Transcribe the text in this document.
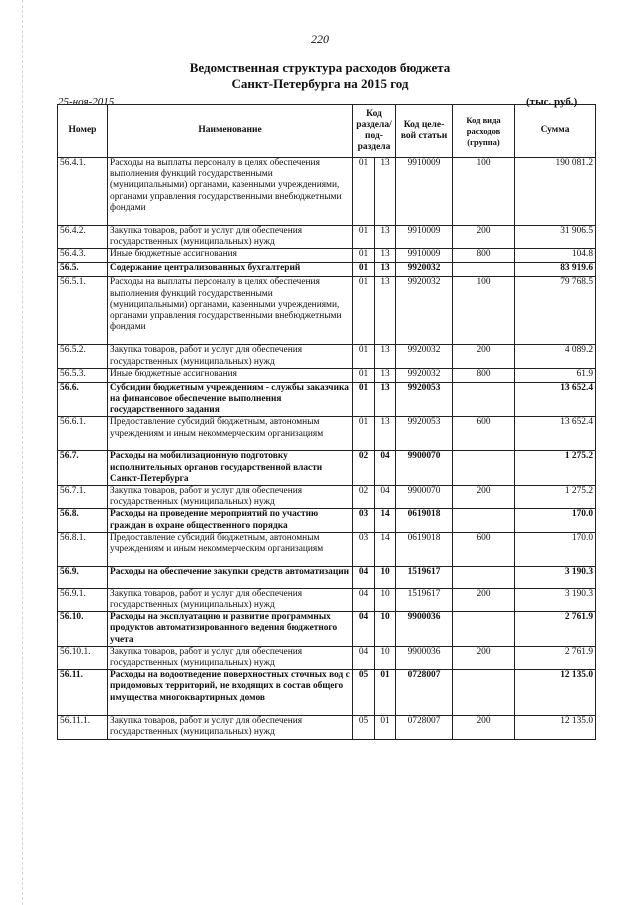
220
Ведомственная структура расходов бюджета
Санкт-Петербурга на 2015 год
25-ноя-2015	(тыс. руб.)
Номер	Наименование	Код раздела/ под-раздела		Код целе-вой статьи	Код вида расходов (группа)	Сумма
56.4.1.	Расходы на выплаты персоналу в целях обеспечения выполнения функций государственными (муниципальными) органами, казенными учреждениями, органами управления государственными внебюджетными фондами	01	13	9910009	100	190 081.2
56.4.2.	Закупка товаров, работ и услуг для обеспечения государственных (муниципальных) нужд	01	13	9910009	200	31 906.5
56.4.3.	Иные бюджетные ассигнования	01	13	9910009	800	104.8
56.5.	Содержание централизованных бухгалтерий	01	13	9920032		83 919.6
56.5.1.	Расходы на выплаты персоналу в целях обеспечения выполнения функций государственными (муниципальными) органами, казенными учреждениями, органами управления государственными внебюджетными фондами	01	13	9920032	100	79 768.5
56.5.2.	Закупка товаров, работ и услуг для обеспечения государственных (муниципальных) нужд	01	13	9920032	200	4 089.2
56.5.3.	Иные бюджетные ассигнования	01	13	9920032	800	61.9
56.6.	Субсидии бюджетным учреждениям - службы заказчика на финансовое обеспечение выполнения государственного задания	01	13	9920053		13 652.4
56.6.1.	Предоставление субсидий бюджетным, автономным учреждениям и иным некоммерческим организациям	01	13	9920053	600	13 652.4
56.7.	Расходы на мобилизационную подготовку исполнительных органов государственной власти Санкт-Петербурга	02	04	9900070		1 275.2
56.7.1.	Закупка товаров, работ и услуг для обеспечения государственных (муниципальных) нужд	02	04	9900070	200	1 275.2
56.8.	Расходы на проведение мероприятий по участию граждан в охране общественного порядка	03	14	0619018		170.0
56.8.1.	Предоставление субсидий бюджетным, автономным учреждениям и иным некоммерческим организациям	03	14	0619018	600	170.0
56.9.	Расходы на обеспечение закупки средств автоматизации	04	10	1519617		3 190.3
56.9.1.	Закупка товаров, работ и услуг для обеспечения государственных (муниципальных) нужд	04	10	1519617	200	3 190.3
56.10.	Расходы на эксплуатацию и развитие программных продуктов автоматизированного ведения бюджетного учета	04	10	9900036		2 761.9
56.10.1.	Закупка товаров, работ и услуг для обеспечения государственных (муниципальных) нужд	04	10	9900036	200	2 761.9
56.11.	Расходы на водоотведение поверхностных сточных вод с придомовых территорий, не входящих в состав общего имущества многоквартирных домов	05	01	0728007		12 135.0
56.11.1.	Закупка товаров, работ и услуг для обеспечения государственных (муниципальных) нужд	05	01	0728007	200	12 135.0
